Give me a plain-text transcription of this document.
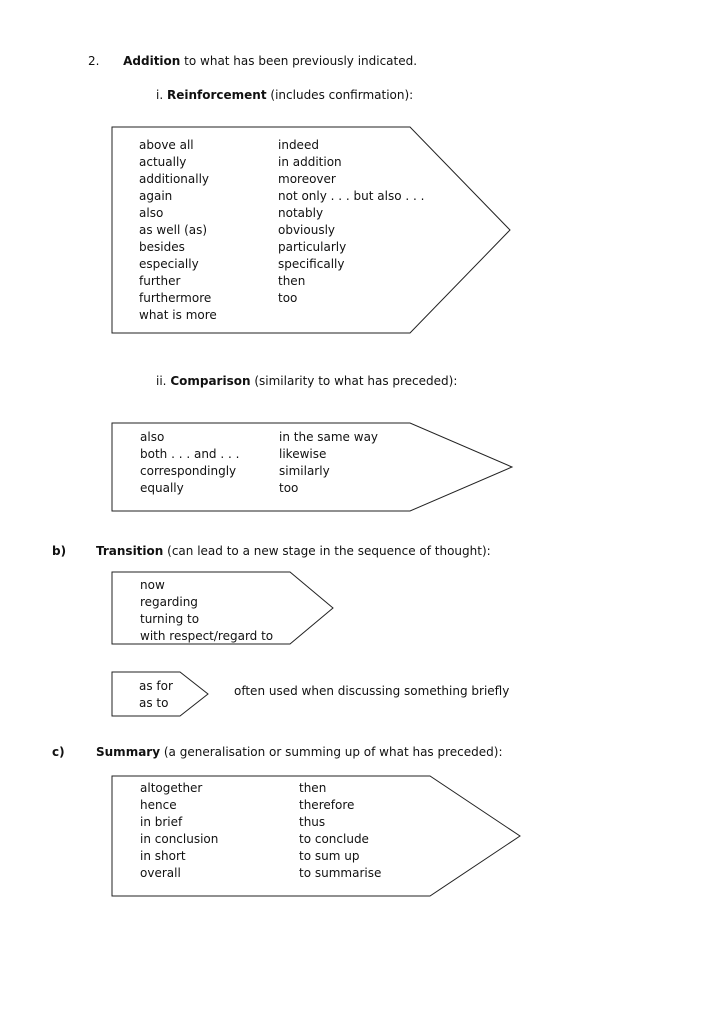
2. Addition to what has been previously indicated.
i. Reinforcement (includes confirmation):
above all
actually
additionally
again
also
as well (as)
besides
especially
further
furthermore
what is more
indeed
in addition
moreover
not only . . . but also . . .
notably
obviously
particularly
specifically
then
too
ii. Comparison (similarity to what has preceded):
also
both . . . and . . .
correspondingly
equally
in the same way
likewise
similarly
too
b) Transition (can lead to a new stage in the sequence of thought):
now
regarding
turning to
with respect/regard to
as for
as to
often used when discussing something briefly
c)	Summary (a generalisation or summing up of what has preceded):
altogether
hence
in brief
in conclusion
in short
overall
then
therefore
thus
to conclude
to sum up
to summarise
